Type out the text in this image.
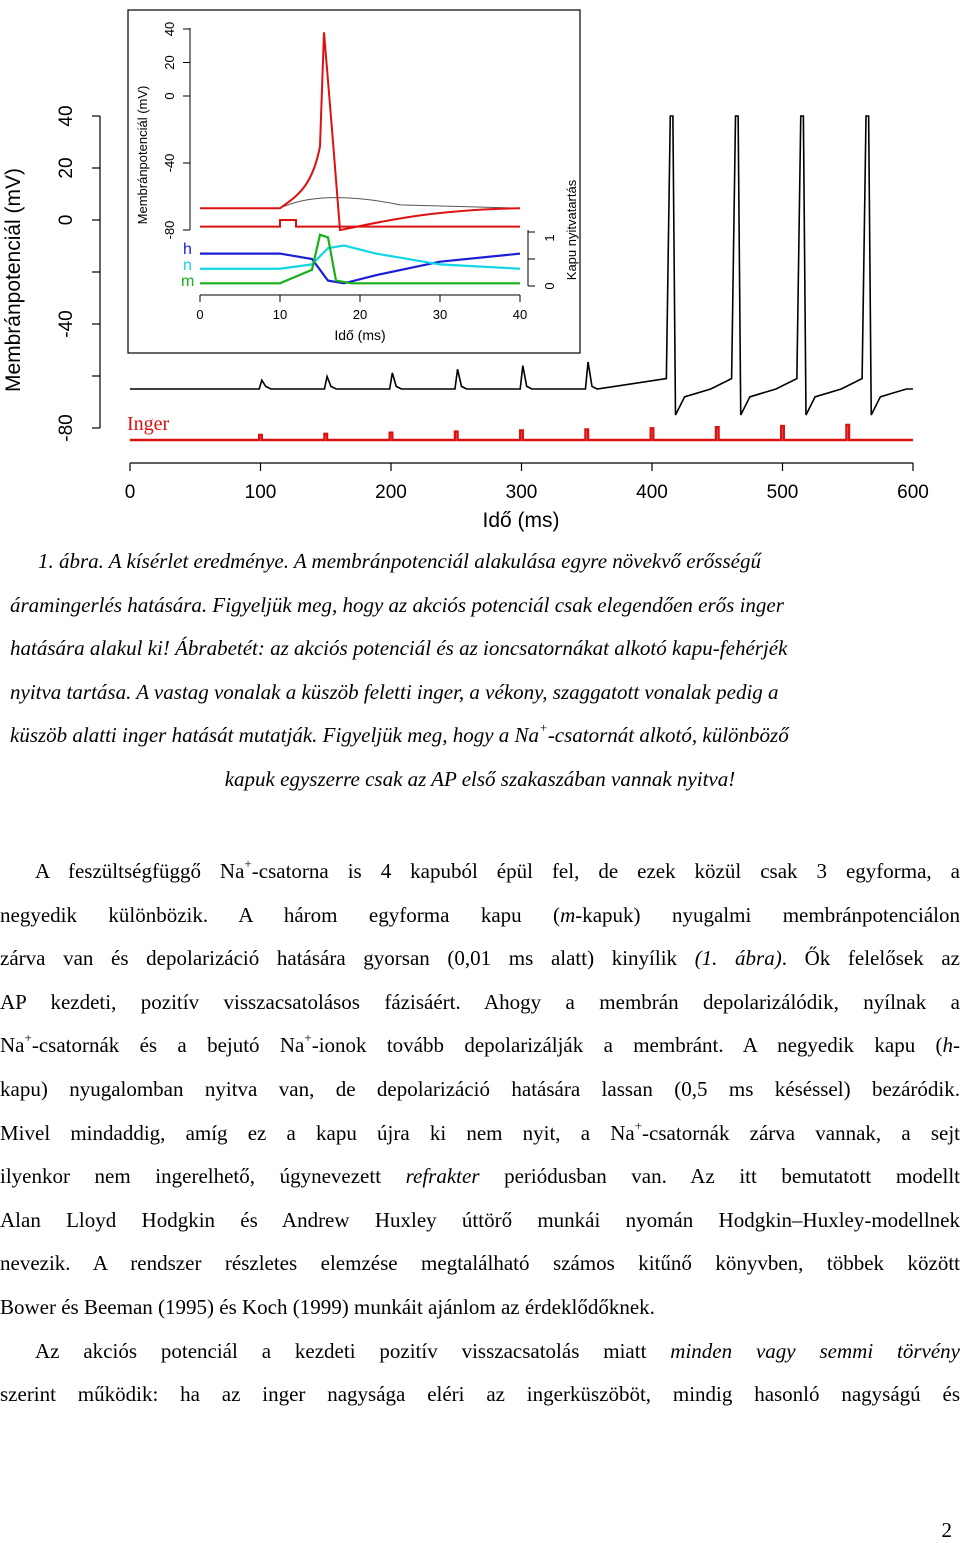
40
20
0
-40
-80
Membránpotenciál (mV)
0	100	200	300	400	500	600
Idő (ms)
Inger
-80
-40
0
20
40
Membránpotenciál (mV)
0
1 Kapu nyitvatartás
0	10	20	30	40
Idő (ms)
h
n
m
1. ábra. A kísérlet eredménye. A membránpotenciál alakulása egyre növekvő erősségű
áramingerlés hatására. Figyeljük meg, hogy az akciós potenciál csak elegendően erős inger
hatására alakul ki! Ábrabetét: az akciós potenciál és az ioncsatornákat alkotó kapu-fehérjék
nyitva tartása. A vastag vonalak a küszöb feletti inger, a vékony, szaggatott vonalak pedig a
küszöb alatti inger hatását mutatják. Figyeljük meg, hogy a Na+-csatornát alkotó, különböző
kapuk egyszerre csak az AP első szakaszában vannak nyitva!
A feszültségfüggő Na+-csatorna is 4 kapuból épül fel, de ezek közül csak 3 egyforma, a
negyedik különbözik. A három egyforma kapu (m-kapuk) nyugalmi membránpotenciálon
zárva van és depolarizáció hatására gyorsan (0,01 ms alatt) kinyílik (1. ábra). Ők felelősek az
AP kezdeti, pozitív visszacsatolásos fázisáért. Ahogy a membrán depolarizálódik, nyílnak a
Na+-csatornák és a bejutó Na+-ionok tovább depolarizálják a membránt. A negyedik kapu (h-
kapu) nyugalomban nyitva van, de depolarizáció hatására lassan (0,5 ms késéssel) bezáródik.
Mivel mindaddig, amíg ez a kapu újra ki nem nyit, a Na+-csatornák zárva vannak, a sejt
ilyenkor nem ingerelhető, úgynevezett refrakter periódusban van. Az itt bemutatott modellt
Alan Lloyd Hodgkin és Andrew Huxley úttörő munkái nyomán Hodgkin–Huxley-modellnek
nevezik. A rendszer részletes elemzése megtalálható számos kitűnő könyvben, többek között
Bower és Beeman (1995) és Koch (1999) munkáit ajánlom az érdeklődőknek.
Az akciós potenciál a kezdeti pozitív visszacsatolás miatt minden vagy semmi törvény
szerint működik: ha az inger nagysága eléri az ingerküszöböt, mindig hasonló nagyságú és
2
